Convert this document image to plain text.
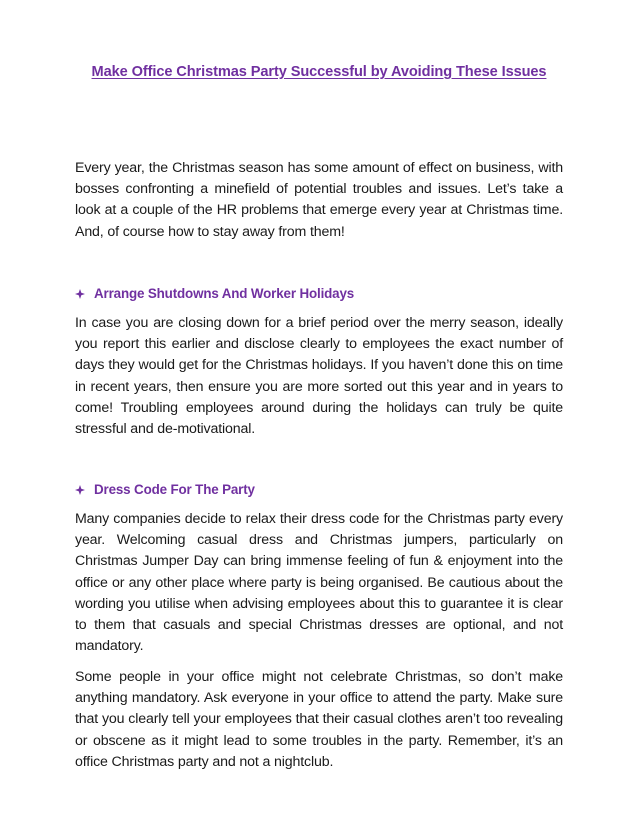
Make Office Christmas Party Successful by Avoiding These Issues

Every year, the Christmas season has some amount of effect on business, with bosses confronting a minefield of potential troubles and issues. Let’s take a look at a couple of the HR problems that emerge every year at Christmas time. And, of course how to stay away from them!

Arrange Shutdowns And Worker Holidays

In case you are closing down for a brief period over the merry season, ideally you report this earlier and disclose clearly to employees the exact number of days they would get for the Christmas holidays. If you haven’t done this on time in recent years, then ensure you are more sorted out this year and in years to come! Troubling employees around during the holidays can truly be quite stressful and de-motivational.

Dress Code For The Party

Many companies decide to relax their dress code for the Christmas party every year. Welcoming casual dress and Christmas jumpers, particularly on Christmas Jumper Day can bring immense feeling of fun & enjoyment into the office or any other place where party is being organised. Be cautious about the wording you utilise when advising employees about this to guarantee it is clear to them that casuals and special Christmas dresses are optional, and not mandatory.

Some people in your office might not celebrate Christmas, so don’t make anything mandatory. Ask everyone in your office to attend the party. Make sure that you clearly tell your employees that their casual clothes aren’t too revealing or obscene as it might lead to some troubles in the party. Remember, it’s an office Christmas party and not a nightclub.
